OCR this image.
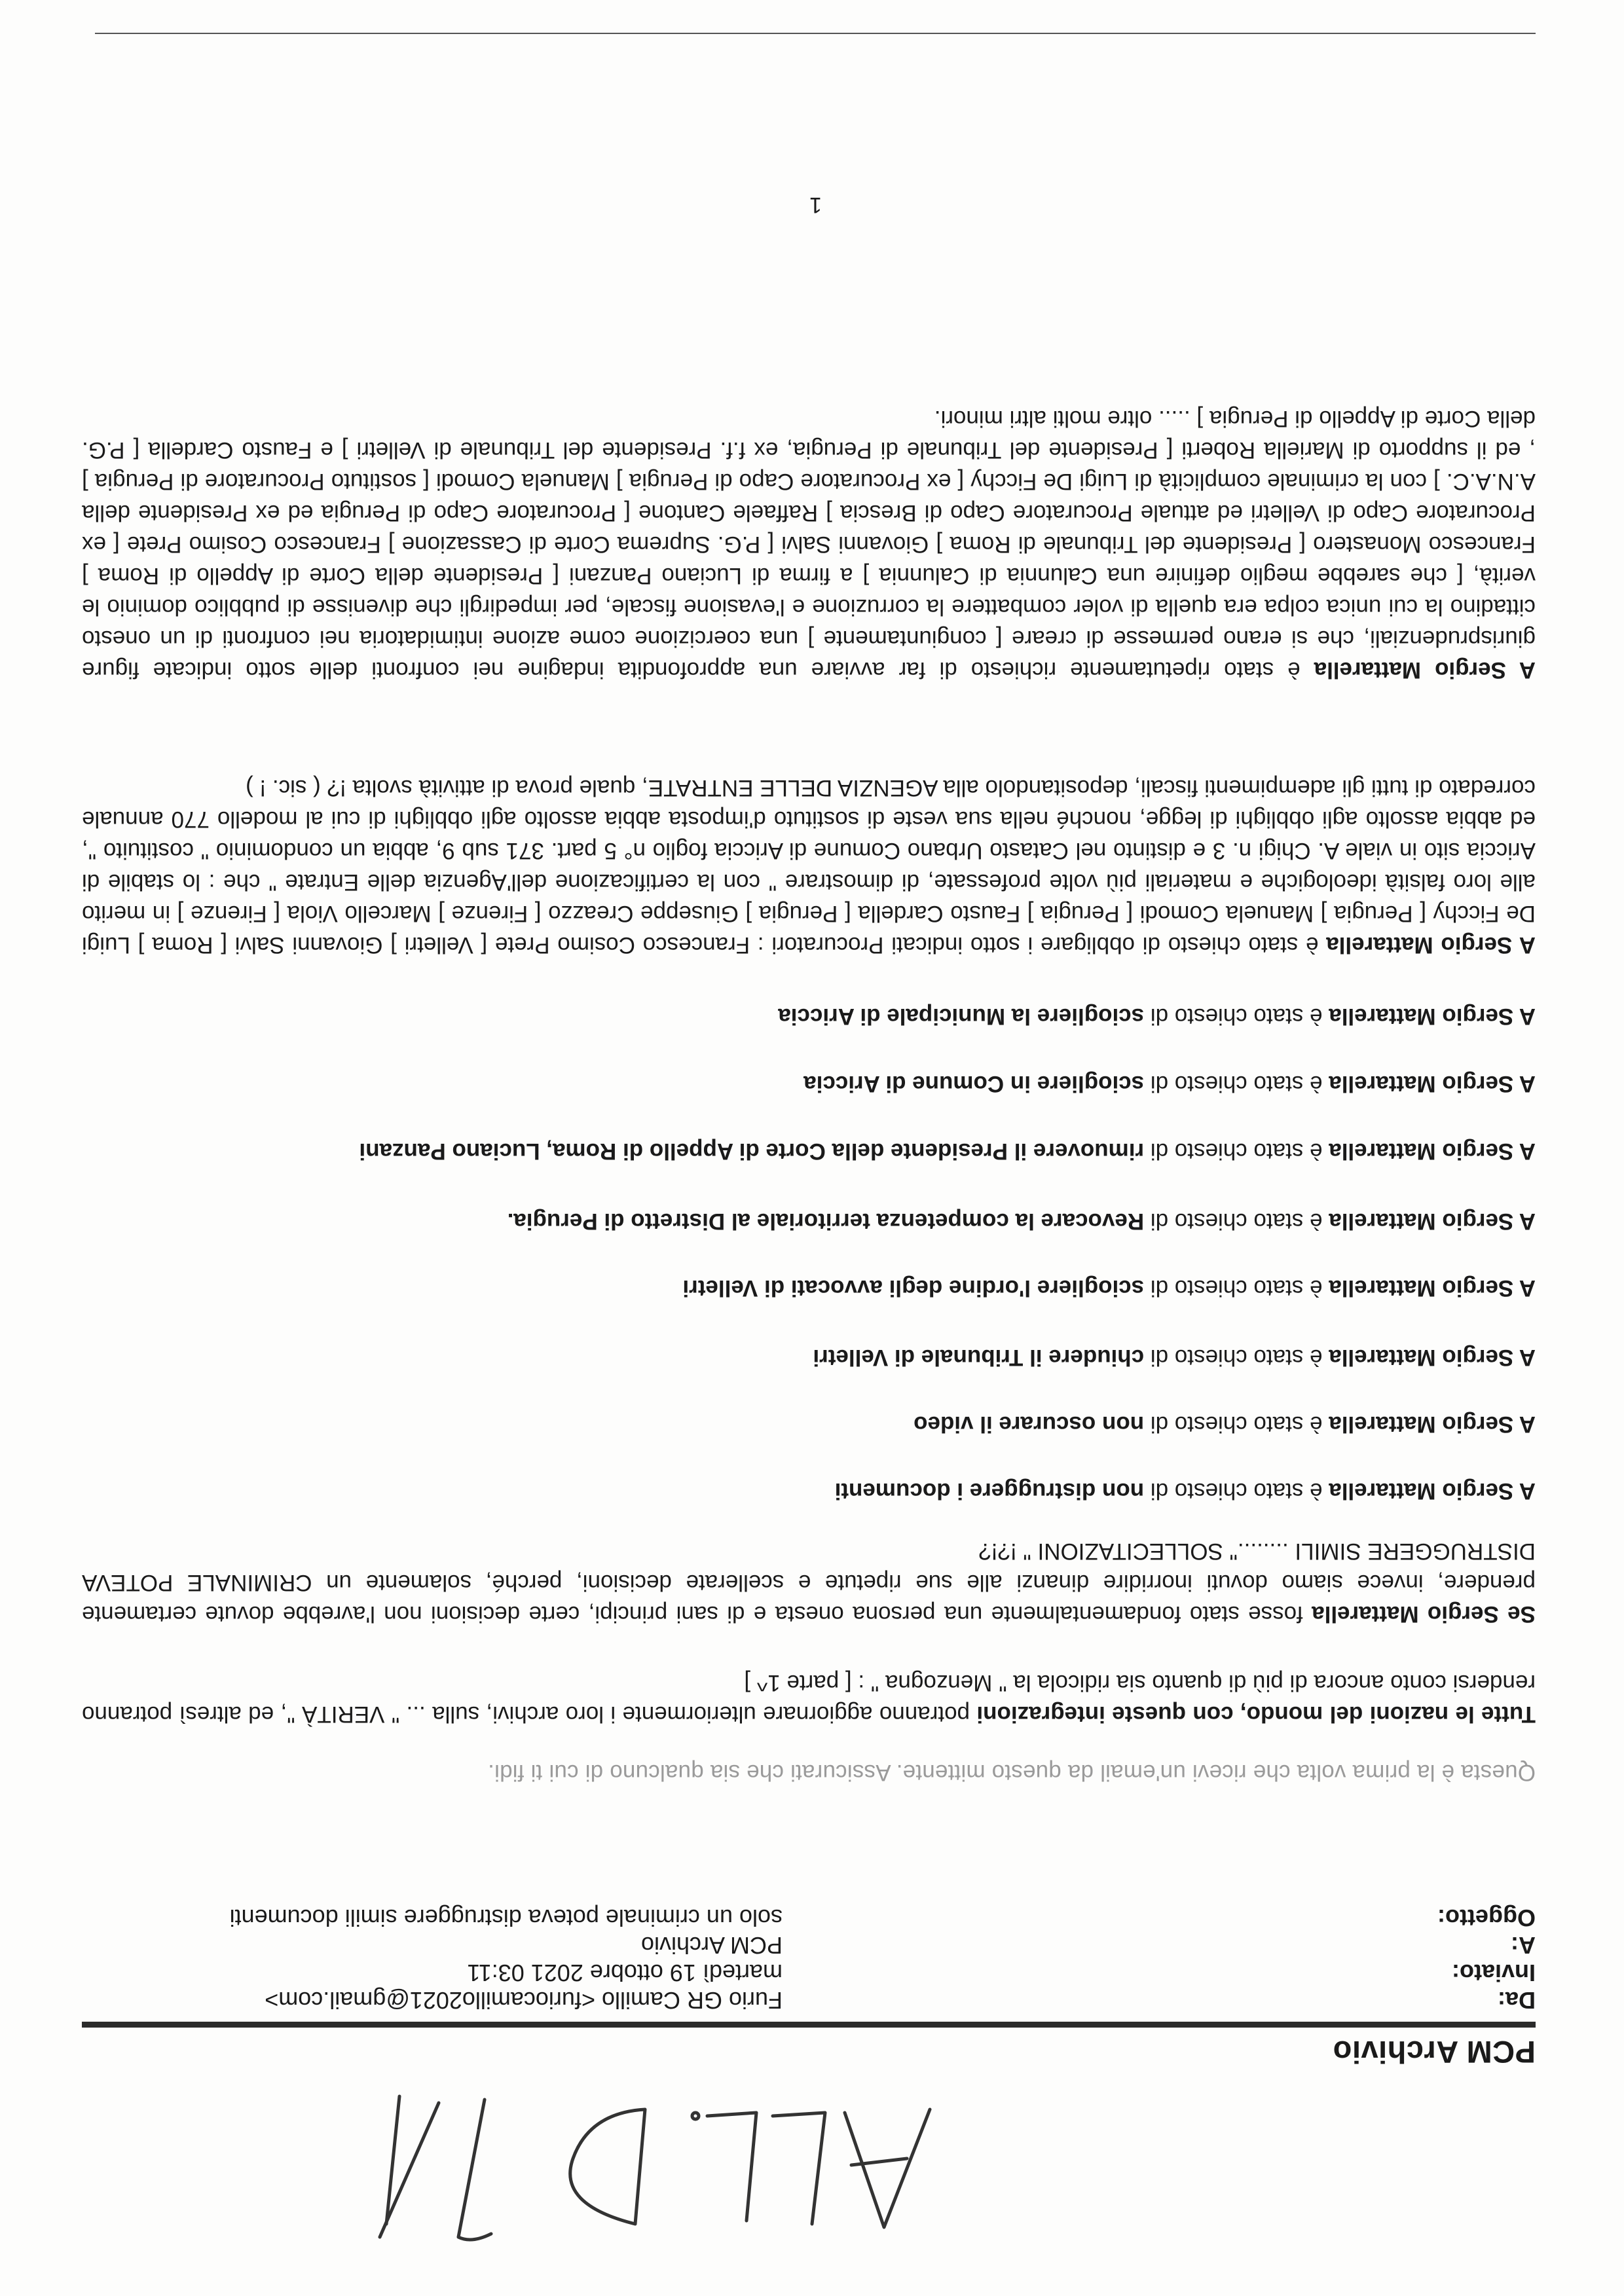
ALL. D 1/1
PCM Archivio
Da:
Furio GR Camillo <furiocamillo2021@gmail.com>
Inviato:
martedì 19 ottobre 2021 03:11
A:
PCM Archivio
Oggetto:
solo un criminale poteva distruggere simili documenti
Questa è la prima volta che ricevi un'email da questo mittente. Assicurati che sia qualcuno di cui ti fidi.
Tutte le nazioni del mondo, con queste integrazioni potranno aggiornare ulteriormente i loro archivi, sulla ... " VERITÀ ", ed altresì potranno rendersi conto ancora di più di quanto sia ridicola la " Menzogna " : [ parte 1^ ]
Se Sergio Mattarella fosse stato fondamentalmente una persona onesta e di sani principi, certe decisioni non l'avrebbe dovute certamente prendere, invece siamo dovuti inorridire dinanzi alle sue ripetute e scellerate decisioni, perché, solamente un CRIMINALE POTEVA DISTRUGGERE SIMILI ........" SOLLECITAZIONI " !?!?
A Sergio Mattarella è stato chiesto di non distruggere i documenti
A Sergio Mattarella è stato chiesto di non oscurare il video
A Sergio Mattarella è stato chiesto di chiudere il Tribunale di Velletri
A Sergio Mattarella è stato chiesto di sciogliere l'ordine degli avvocati di Velletri
A Sergio Mattarella è stato chiesto di Revocare la competenza territoriale al Distretto di Perugia.
A Sergio Mattarella è stato chiesto di rimuovere il Presidente della Corte di Appello di Roma, Luciano Panzani
A Sergio Mattarella è stato chiesto di sciogliere in Comune di Ariccia
A Sergio Mattarella è stato chiesto di sciogliere la Municipale di Ariccia
A Sergio Mattarella è stato chiesto di obbligare i sotto indicati Procuratori : Francesco Cosimo Prete [ Velletri ] Giovanni Salvi [ Roma ] Luigi De Ficchy [ Perugia ] Manuela Comodi [ Perugia ] Fausto Cardella [ Perugia ] Giuseppe Creazzo [ Firenze ] Marcello Viola [ Firenze ] in merito alle loro falsità ideologiche e materiali più volte professate, di dimostrare " con la certificazione dell'Agenzia delle Entrate " che : lo stabile di Ariccia sito in viale A. Chigi n. 3 e distinto nel Catasto Urbano Comune di Ariccia foglio n° 5 part. 371 sub 9, abbia un condominio " costituito ", ed abbia assolto agli obblighi di legge, nonché nella sua veste di sostituto d'imposta abbia assolto agli obblighi di cui al modello 770 annuale corredato di tutti gli adempimenti fiscali, depositandolo alla AGENZIA DELLE ENTRATE, quale prova di attività svolta !? ( sic. ! )
A Sergio Mattarella è stato ripetutamente richiesto di far avviare una approfondita indagine nei confronti delle sotto indicate figure giurisprudenziali, che si erano permesse di creare [ congiuntamente ] una coercizione come azione intimidatoria nei confronti di un onesto cittadino la cui unica colpa era quella di voler combattere la corruzione e l'evasione fiscale, per impedirgli che divenisse di pubblico dominio le verità, [ che sarebbe meglio definire una Calunnia di Calunnia ] a firma di Luciano Panzani [ Presidente della Corte di Appello di Roma ] Francesco Monastero [ Presidente del Tribunale di Roma ] Giovanni Salvi [ P.G. Suprema Corte di Cassazione ] Francesco Cosimo Prete [ ex Procuratore Capo di Velletri ed attuale Procuratore Capo di Brescia ] Raffaele Cantone [ Procuratore Capo di Perugia ed ex Presidente della A.N.A.C. ] con la criminale complicità di Luigi De Ficchy [ ex Procuratore Capo di Perugia ] Manuela Comodi [ sostituto Procuratore di Perugia ] , ed il supporto di Mariella Roberti [ Presidente del Tribunale di Perugia, ex f.f. Presidente del Tribunale di Velletri ] e Fausto Cardella [ P.G. della Corte di Appello di Perugia ] ..... oltre molti altri minori.
1
